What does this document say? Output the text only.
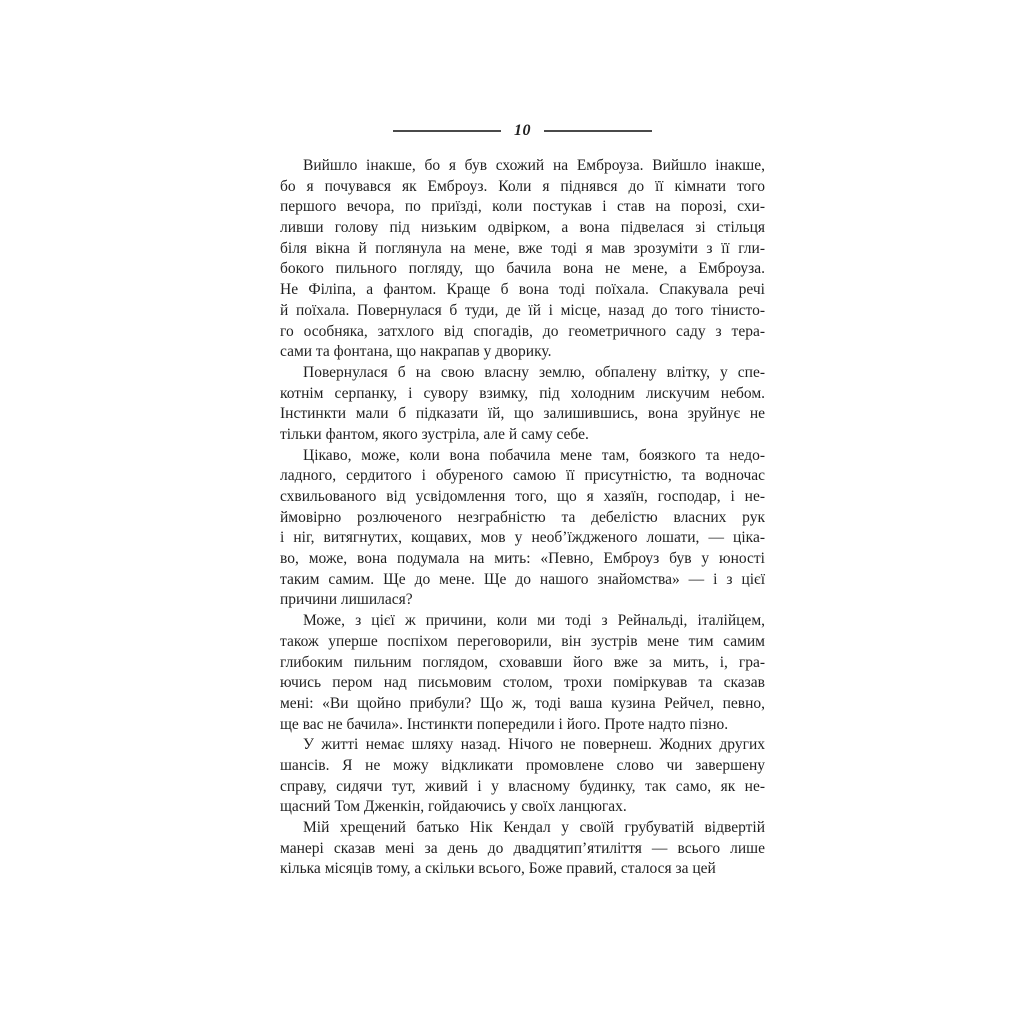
10
Вийшло інакше, бо я був схожий на Емброуза. Вийшло інакше,
бо я почувався як Емброуз. Коли я піднявся до її кімнати того
першого вечора, по приїзді, коли постукав і став на порозі, схи-
ливши голову під низьким одвірком, а вона підвелася зі стільця
біля вікна й поглянула на мене, вже тоді я мав зрозуміти з її гли-
бокого пильного погляду, що бачила вона не мене, а Емброуза.
Не Філіпа, а фантом. Краще б вона тоді поїхала. Спакувала речі
й поїхала. Повернулася б туди, де їй і місце, назад до того тінисто-
го особняка, затхлого від спогадів, до геометричного саду з тера-
сами та фонтана, що накрапав у дворику.
Повернулася б на свою власну землю, обпалену влітку, у спе-
котнім серпанку, і сувору взимку, під холодним лискучим небом.
Інстинкти мали б підказати їй, що залишившись, вона зруйнує не
тільки фантом, якого зустріла, але й саму себе.
Цікаво, може, коли вона побачила мене там, боязкого та недо-
ладного, сердитого і обуреного самою її присутністю, та водночас
схвильованого від усвідомлення того, що я хазяїн, господар, і не-
ймовірно розлюченого незграбністю та дебелістю власних рук
і ніг, витягнутих, кощавих, мов у необ’їждженого лошати, — ціка-
во, може, вона подумала на мить: «Певно, Емброуз був у юності
таким самим. Ще до мене. Ще до нашого знайомства» — і з цієї
причини лишилася?
Може, з цієї ж причини, коли ми тоді з Рейнальді, італійцем,
також уперше поспіхом переговорили, він зустрів мене тим самим
глибоким пильним поглядом, сховавши його вже за мить, і, гра-
ючись пером над письмовим столом, трохи поміркував та сказав
мені: «Ви щойно прибули? Що ж, тоді ваша кузина Рейчел, певно,
ще вас не бачила». Інстинкти попередили і його. Проте надто пізно.
У житті немає шляху назад. Нічого не повернеш. Жодних других
шансів. Я не можу відкликати промовлене слово чи завершену
справу, сидячи тут, живий і у власному будинку, так само, як не-
щасний Том Дженкін, гойдаючись у своїх ланцюгах.
Мій хрещений батько Нік Кендал у своїй грубуватій відвертій
манері сказав мені за день до двадцятип’ятиліття — всього лише
кілька місяців тому, а скільки всього, Боже правий, сталося за цей
